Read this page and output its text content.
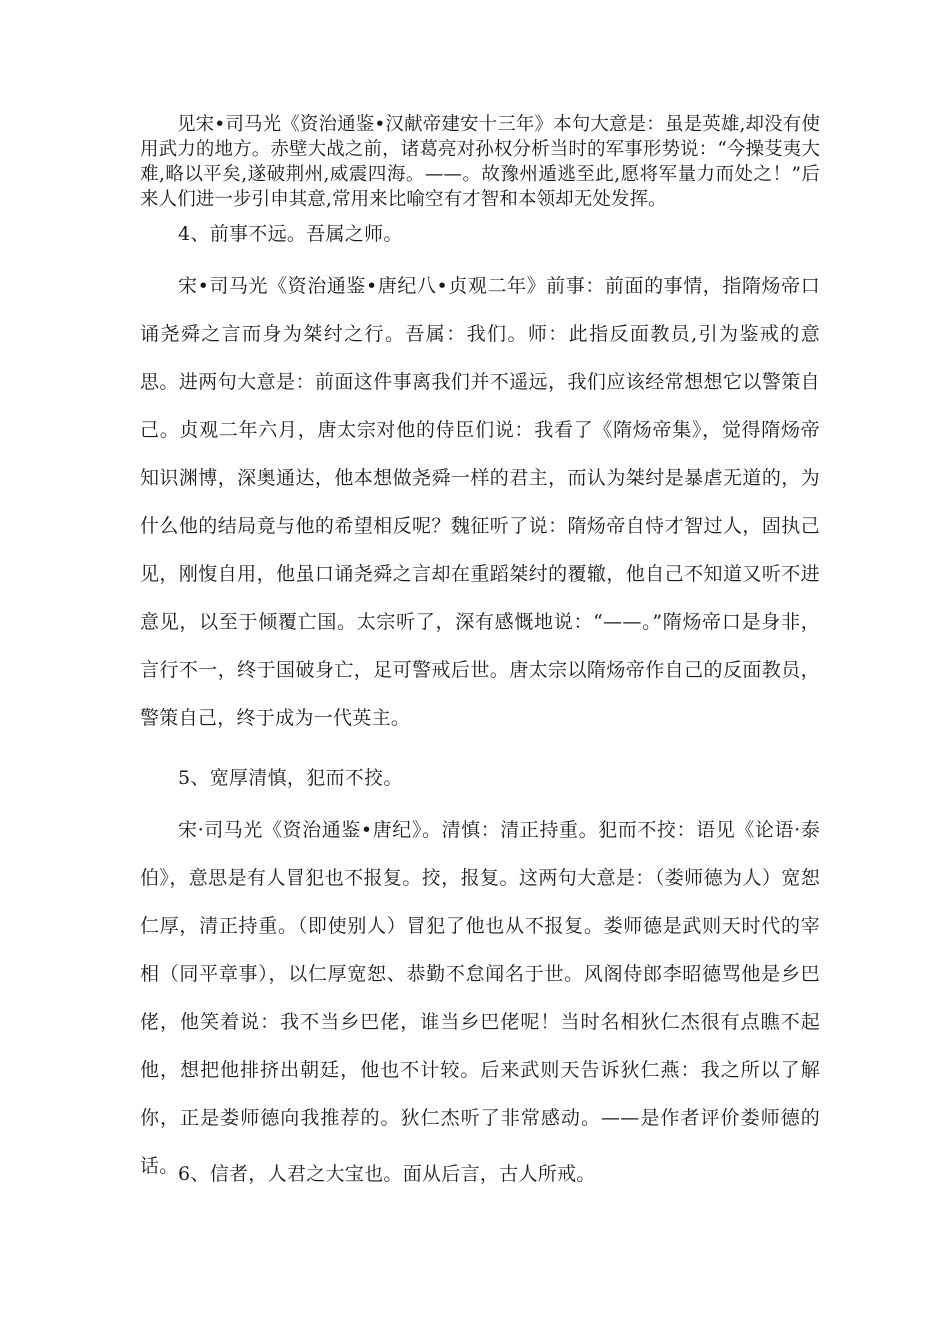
见宋•司马光《资治通鉴•汉献帝建安十三年》本句大意是：虽是英雄,却没有使用武力的地方。赤壁大战之前，诸葛亮对孙权分析当时的军事形势说：“今操芟夷大难,略以平矣,遂破荆州,威震四海。——。故豫州遁逃至此,愿将军量力而处之！”后来人们进一步引申其意,常用来比喻空有才智和本领却无处发挥。

4、前事不远。吾属之师。

宋•司马光《资治通鉴•唐纪八•贞观二年》前事：前面的事情，指隋炀帝口诵尧舜之言而身为桀纣之行。吾属：我们。师：此指反面教员,引为鉴戒的意思。进两句大意是：前面这件事离我们并不遥远，我们应该经常想想它以警策自己。贞观二年六月，唐太宗对他的侍臣们说：我看了《隋炀帝集》，觉得隋炀帝知识渊博，深奥通达，他本想做尧舜一样的君主，而认为桀纣是暴虐无道的，为什么他的结局竟与他的希望相反呢？魏征听了说：隋炀帝自恃才智过人，固执己见，刚愎自用，他虽口诵尧舜之言却在重蹈桀纣的覆辙，他自己不知道又听不进意见，以至于倾覆亡国。太宗听了，深有感慨地说：“——。”隋炀帝口是身非，言行不一，终于国破身亡，足可警戒后世。唐太宗以隋炀帝作自己的反面教员，警策自己，终于成为一代英主。

5、宽厚清慎，犯而不挍。

宋·司马光《资治通鉴•唐纪》。清慎：清正持重。犯而不挍：语见《论语·泰伯》，意思是有人冒犯也不报复。挍，报复。这两句大意是：（娄师德为人）宽恕仁厚，清正持重。（即使别人）冒犯了他也从不报复。娄师德是武则天时代的宰相（同平章事），以仁厚宽恕、恭勤不怠闻名于世。风阁侍郎李昭德骂他是乡巴佬，他笑着说：我不当乡巴佬，谁当乡巴佬呢！当时名相狄仁杰很有点瞧不起他，想把他排挤出朝廷，他也不计较。后来武则天告诉狄仁燕：我之所以了解你，正是娄师德向我推荐的。狄仁杰听了非常感动。——是作者评价娄师德的话。 6、信者，人君之大宝也。面从后言，古人所戒。
